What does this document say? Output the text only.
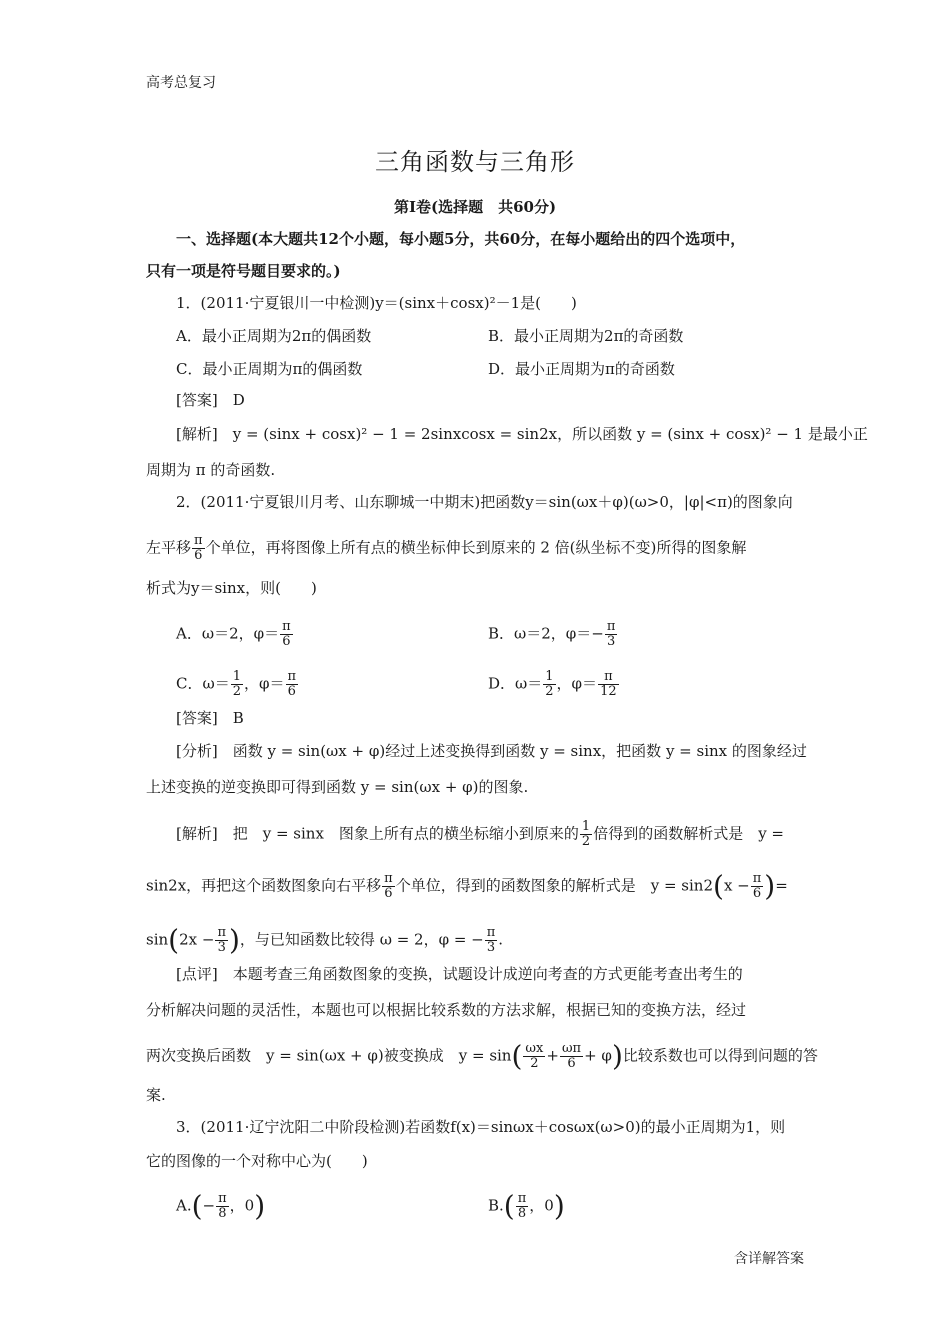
高考总复习
三角函数与三角形
第Ⅰ卷(选择题　共60分)
一、选择题(本大题共12个小题，每小题5分，共60分，在每小题给出的四个选项中，
只有一项是符号题目要求的。)
1．(2011·宁夏银川一中检测)y＝(sinx＋cosx)²－1是(　　)
A．最小正周期为2π的偶函数	B．最小正周期为2π的奇函数
C．最小正周期为π的偶函数	D．最小正周期为π的奇函数
[答案]　D
[解析]　y = (sinx + cosx)² − 1 = 2sinxcosx = sin2x，所以函数 y = (sinx + cosx)² − 1 是最小正
周期为 π 的奇函数.
2．(2011·宁夏银川月考、山东聊城一中期末)把函数y＝sin(ωx＋φ)(ω>0，|φ|<π)的图象向
左平移 $\frac{\pi}{6}$ 个单位，再将图像上所有点的横坐标伸长到原来的 2 倍(纵坐标不变)所得的图象解
析式为y＝sinx，则(　　)
A．ω＝2，$\varphi= \frac{\pi}{6}$	B．ω＝2，$\varphi=- \frac{\pi}{3}$
C．$\omega= \frac{1}{2}$ ，$\varphi= \frac{\pi}{6}$	D．$\omega= \frac{1}{2}$ ，$\varphi= \frac{\pi}{12}$
[答案]　B
[分析]　函数 y = sin(ωx + φ)经过上述变换得到函数 y = sinx，把函数 y = sinx 的图象经过
上述变换的逆变换即可得到函数 y = sin(ωx + φ)的图象.
[解析]　把　y = sinx　图象上所有点的横坐标缩小到原来的 $\frac{1}{2}$ 倍得到的函数解析式是　y =
sin2x，再把这个函数图象向右平移 $\frac{\pi}{6}$ 个单位，得到的函数图象的解析式是　$y = \sin 2(x - \frac{\pi}{6}$ )=
$\sin(2x - \frac{\pi}{3}$ )，与已知函数比较得 ω = 2，φ = − $\frac{\pi}{3}$ .
[点评]　本题考查三角函数图象的变换，试题设计成逆向考查的方式更能考查出考生的
分析解决问题的灵活性，本题也可以根据比较系数的方法求解，根据已知的变换方法，经过
两次变换后函数　y = sin(ωx + φ)被变换成　$y = \sin( \frac{\omega x}{2} + \frac{\omega\pi}{6} + \varphi)$比较系数也可以得到问题的答
案.
3．(2011·辽宁沈阳二中阶段检测)若函数f(x)＝sinωx＋cosωx(ω>0)的最小正周期为1，则
它的图像的一个对称中心为(　　)
$A.(- \frac{\pi}{8}$ ，0)	$B.( \frac{\pi}{8}$ ，0)
含详解答案
